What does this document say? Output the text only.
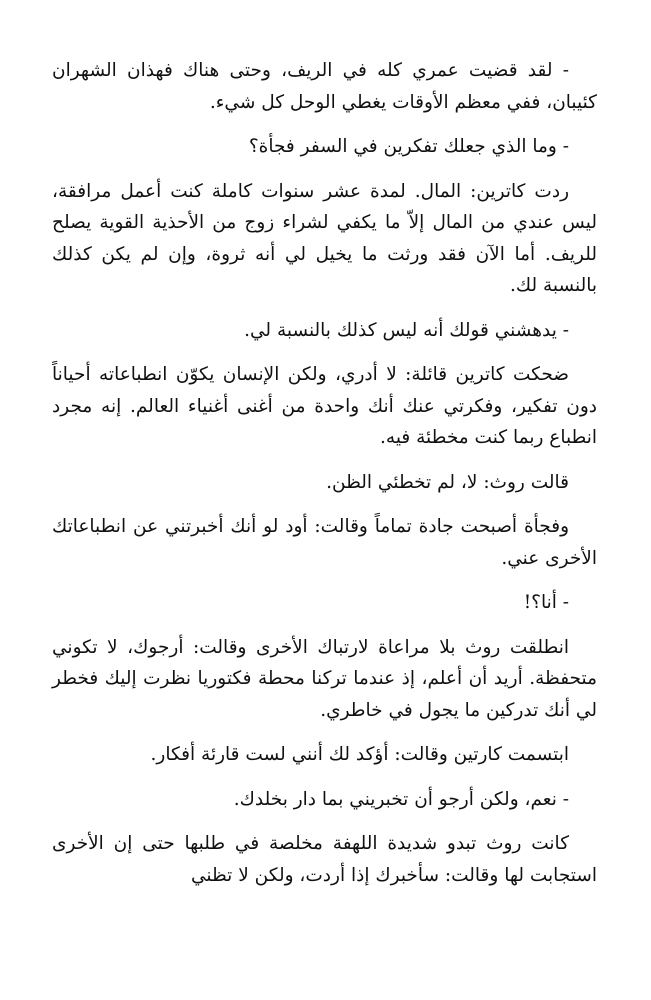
- لقد قضيت عمري كله في الريف، وحتى هناك فهذان الشهران كئيبان، ففي معظم الأوقات يغطي الوحل كل شيء.

- وما الذي جعلك تفكرين في السفر فجأة؟

ردت كاترين: المال. لمدة عشر سنوات كاملة كنت أعمل مرافقة، ليس عندي من المال إلاّ ما يكفي لشراء زوج من الأحذية القوية يصلح للريف. أما الآن فقد ورثت ما يخيل لي أنه ثروة، وإن لم يكن كذلك بالنسبة لك.

- يدهشني قولك أنه ليس كذلك بالنسبة لي.

ضحكت كاترين قائلة: لا أدري، ولكن الإنسان يكوّن انطباعاته أحياناً دون تفكير، وفكرتي عنك أنك واحدة من أغنى أغنياء العالم. إنه مجرد انطباع ربما كنت مخطئة فيه.

قالت روث: لا، لم تخطئي الظن.

وفجأة أصبحت جادة تماماً وقالت: أود لو أنك أخبرتني عن انطباعاتك الأخرى عني.

- أنا؟!

انطلقت روث بلا مراعاة لارتباك الأخرى وقالت: أرجوك، لا تكوني متحفظة. أريد أن أعلم، إذ عندما تركنا محطة فكتوريا نظرت إليك فخطر لي أنك تدركين ما يجول في خاطري.

ابتسمت كارتين وقالت: أؤكد لك أنني لست قارئة أفكار.

- نعم، ولكن أرجو أن تخبريني بما دار بخلدك.

كانت روث تبدو شديدة اللهفة مخلصة في طلبها حتى إن الأخرى استجابت لها وقالت: سأخبرك إذا أردت، ولكن لا تظني
